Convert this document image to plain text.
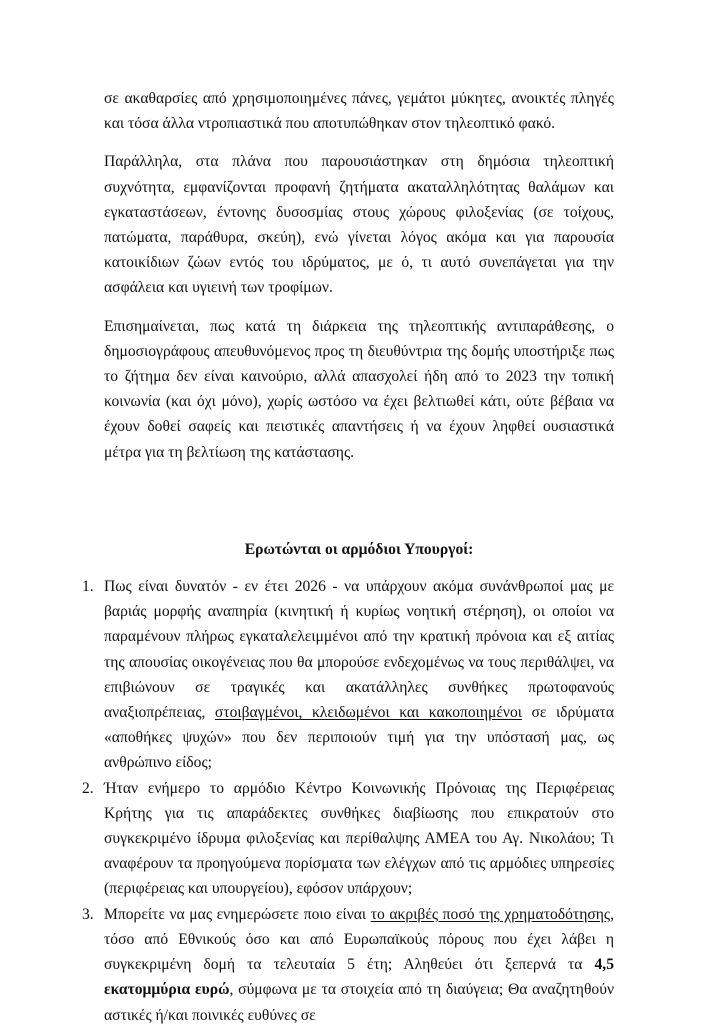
σε ακαθαρσίες από χρησιμοποιημένες πάνες, γεμάτοι μύκητες, ανοικτές πληγές και τόσα άλλα ντροπιαστικά που αποτυπώθηκαν στον τηλεοπτικό φακό.

Παράλληλα, στα πλάνα που παρουσιάστηκαν στη δημόσια τηλεοπτική συχνότητα, εμφανίζονται προφανή ζητήματα ακαταλληλότητας θαλάμων και εγκαταστάσεων, έντονης δυσοσμίας στους χώρους φιλοξενίας (σε τοίχους, πατώματα, παράθυρα, σκεύη), ενώ γίνεται λόγος ακόμα και για παρουσία κατοικίδιων ζώων εντός του ιδρύματος, με ό, τι αυτό συνεπάγεται για την ασφάλεια και υγιεινή των τροφίμων.

Επισημαίνεται, πως κατά τη διάρκεια της τηλεοπτικής αντιπαράθεσης, ο δημοσιογράφους απευθυνόμενος προς τη διευθύντρια της δομής υποστήριξε πως το ζήτημα δεν είναι καινούριο, αλλά απασχολεί ήδη από το 2023 την τοπική κοινωνία (και όχι μόνο), χωρίς ωστόσο να έχει βελτιωθεί κάτι, ούτε βέβαια να έχουν δοθεί σαφείς και πειστικές απαντήσεις ή να έχουν ληφθεί ουσιαστικά μέτρα για τη βελτίωση της κατάστασης.

Ερωτώνται οι αρμόδιοι Υπουργοί:
1. Πως είναι δυνατόν - εν έτει 2026 - να υπάρχουν ακόμα συνάνθρωποί μας με βαριάς μορφής αναπηρία (κινητική ή κυρίως νοητική στέρηση), οι οποίοι να παραμένουν πλήρως εγκαταλελειμμένοι από την κρατική πρόνοια και εξ αιτίας της απουσίας οικογένειας που θα μπορούσε ενδεχομένως να τους περιθάλψει, να επιβιώνουν σε τραγικές και ακατάλληλες συνθήκες πρωτοφανούς αναξιοπρέπειας, στοιβαγμένοι, κλειδωμένοι και κακοποιημένοι σε ιδρύματα «αποθήκες ψυχών» που δεν περιποιούν τιμή για την υπόστασή μας, ως ανθρώπινο είδος;
2. Ήταν ενήμερο το αρμόδιο Κέντρο Κοινωνικής Πρόνοιας της Περιφέρειας Κρήτης για τις απαράδεκτες συνθήκες διαβίωσης που επικρατούν στο συγκεκριμένο ίδρυμα φιλοξενίας και περίθαλψης ΑΜΕΑ του Αγ. Νικολάου; Τι αναφέρουν τα προηγούμενα πορίσματα των ελέγχων από τις αρμόδιες υπηρεσίες (περιφέρειας και υπουργείου), εφόσον υπάρχουν;
3. Μπορείτε να μας ενημερώσετε ποιο είναι το ακριβές ποσό της χρηματοδότησης, τόσο από Εθνικούς όσο και από Ευρωπαϊκούς πόρους που έχει λάβει η συγκεκριμένη δομή τα τελευταία 5 έτη; Αληθεύει ότι ξεπερνά τα 4,5 εκατομμύρια ευρώ, σύμφωνα με τα στοιχεία από τη διαύγεια; Θα αναζητηθούν αστικές ή/και ποινικές ευθύνες σε
